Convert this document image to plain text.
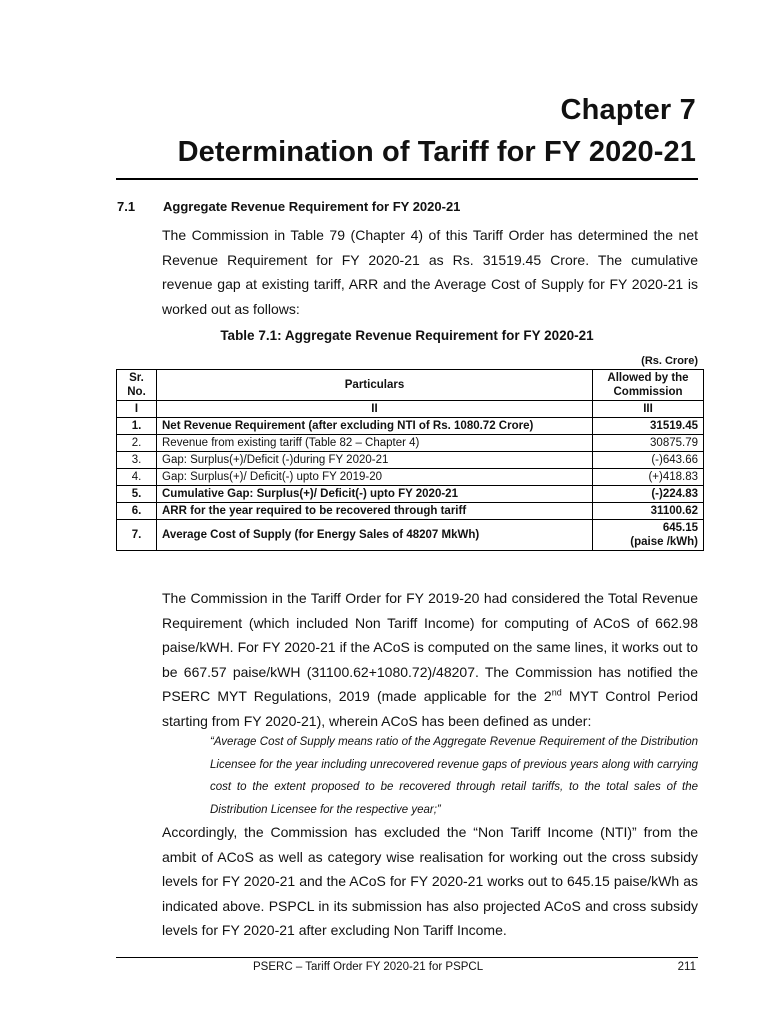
Chapter 7
Determination of Tariff for FY 2020-21
7.1 Aggregate Revenue Requirement for FY 2020-21
The Commission in Table 79 (Chapter 4) of this Tariff Order has determined the net Revenue Requirement for FY 2020-21 as Rs. 31519.45 Crore. The cumulative revenue gap at existing tariff, ARR and the Average Cost of Supply for FY 2020-21 is worked out as follows:
Table 7.1: Aggregate Revenue Requirement for FY 2020-21
(Rs. Crore)
Sr. No.	Particulars	Allowed by the Commission
I	II	III
1.	Net Revenue Requirement (after excluding NTI of Rs. 1080.72 Crore)	31519.45

2.	Revenue from existing tariff (Table 82 – Chapter 4)	30875.79

3.	Gap: Surplus(+)/Deficit (-)during FY 2020-21	(-)643.66

4.	Gap: Surplus(+)/ Deficit(-) upto FY 2019-20	(+)418.83

5.	Cumulative Gap: Surplus(+)/ Deficit(-) upto FY 2020-21	(-)224.83

6.	ARR for the year required to be recovered through tariff	31100.62

7.	Average Cost of Supply (for Energy Sales of 48207 MkWh)	645.15
(paise /kWh)
The Commission in the Tariff Order for FY 2019-20 had considered the Total Revenue Requirement (which included Non Tariff Income) for computing of ACoS of 662.98 paise/kWH. For FY 2020-21 if the ACoS is computed on the same lines, it works out to be 667.57 paise/kWH (31100.62+1080.72)/48207. The Commission has notified the PSERC MYT Regulations, 2019 (made applicable for the 2nd MYT Control Period starting from FY 2020-21), wherein ACoS has been defined as under:
“Average Cost of Supply means ratio of the Aggregate Revenue Requirement of the Distribution Licensee for the year including unrecovered revenue gaps of previous years along with carrying cost to the extent proposed to be recovered through retail tariffs, to the total sales of the Distribution Licensee for the respective year;”
Accordingly, the Commission has excluded the “Non Tariff Income (NTI)” from the ambit of ACoS as well as category wise realisation for working out the cross subsidy levels for FY 2020-21 and the ACoS for FY 2020-21 works out to 645.15 paise/kWh as indicated above. PSPCL in its submission has also projected ACoS and cross subsidy levels for FY 2020-21 after excluding Non Tariff Income.
PSERC – Tariff Order FY 2020-21 for PSPCL	211
